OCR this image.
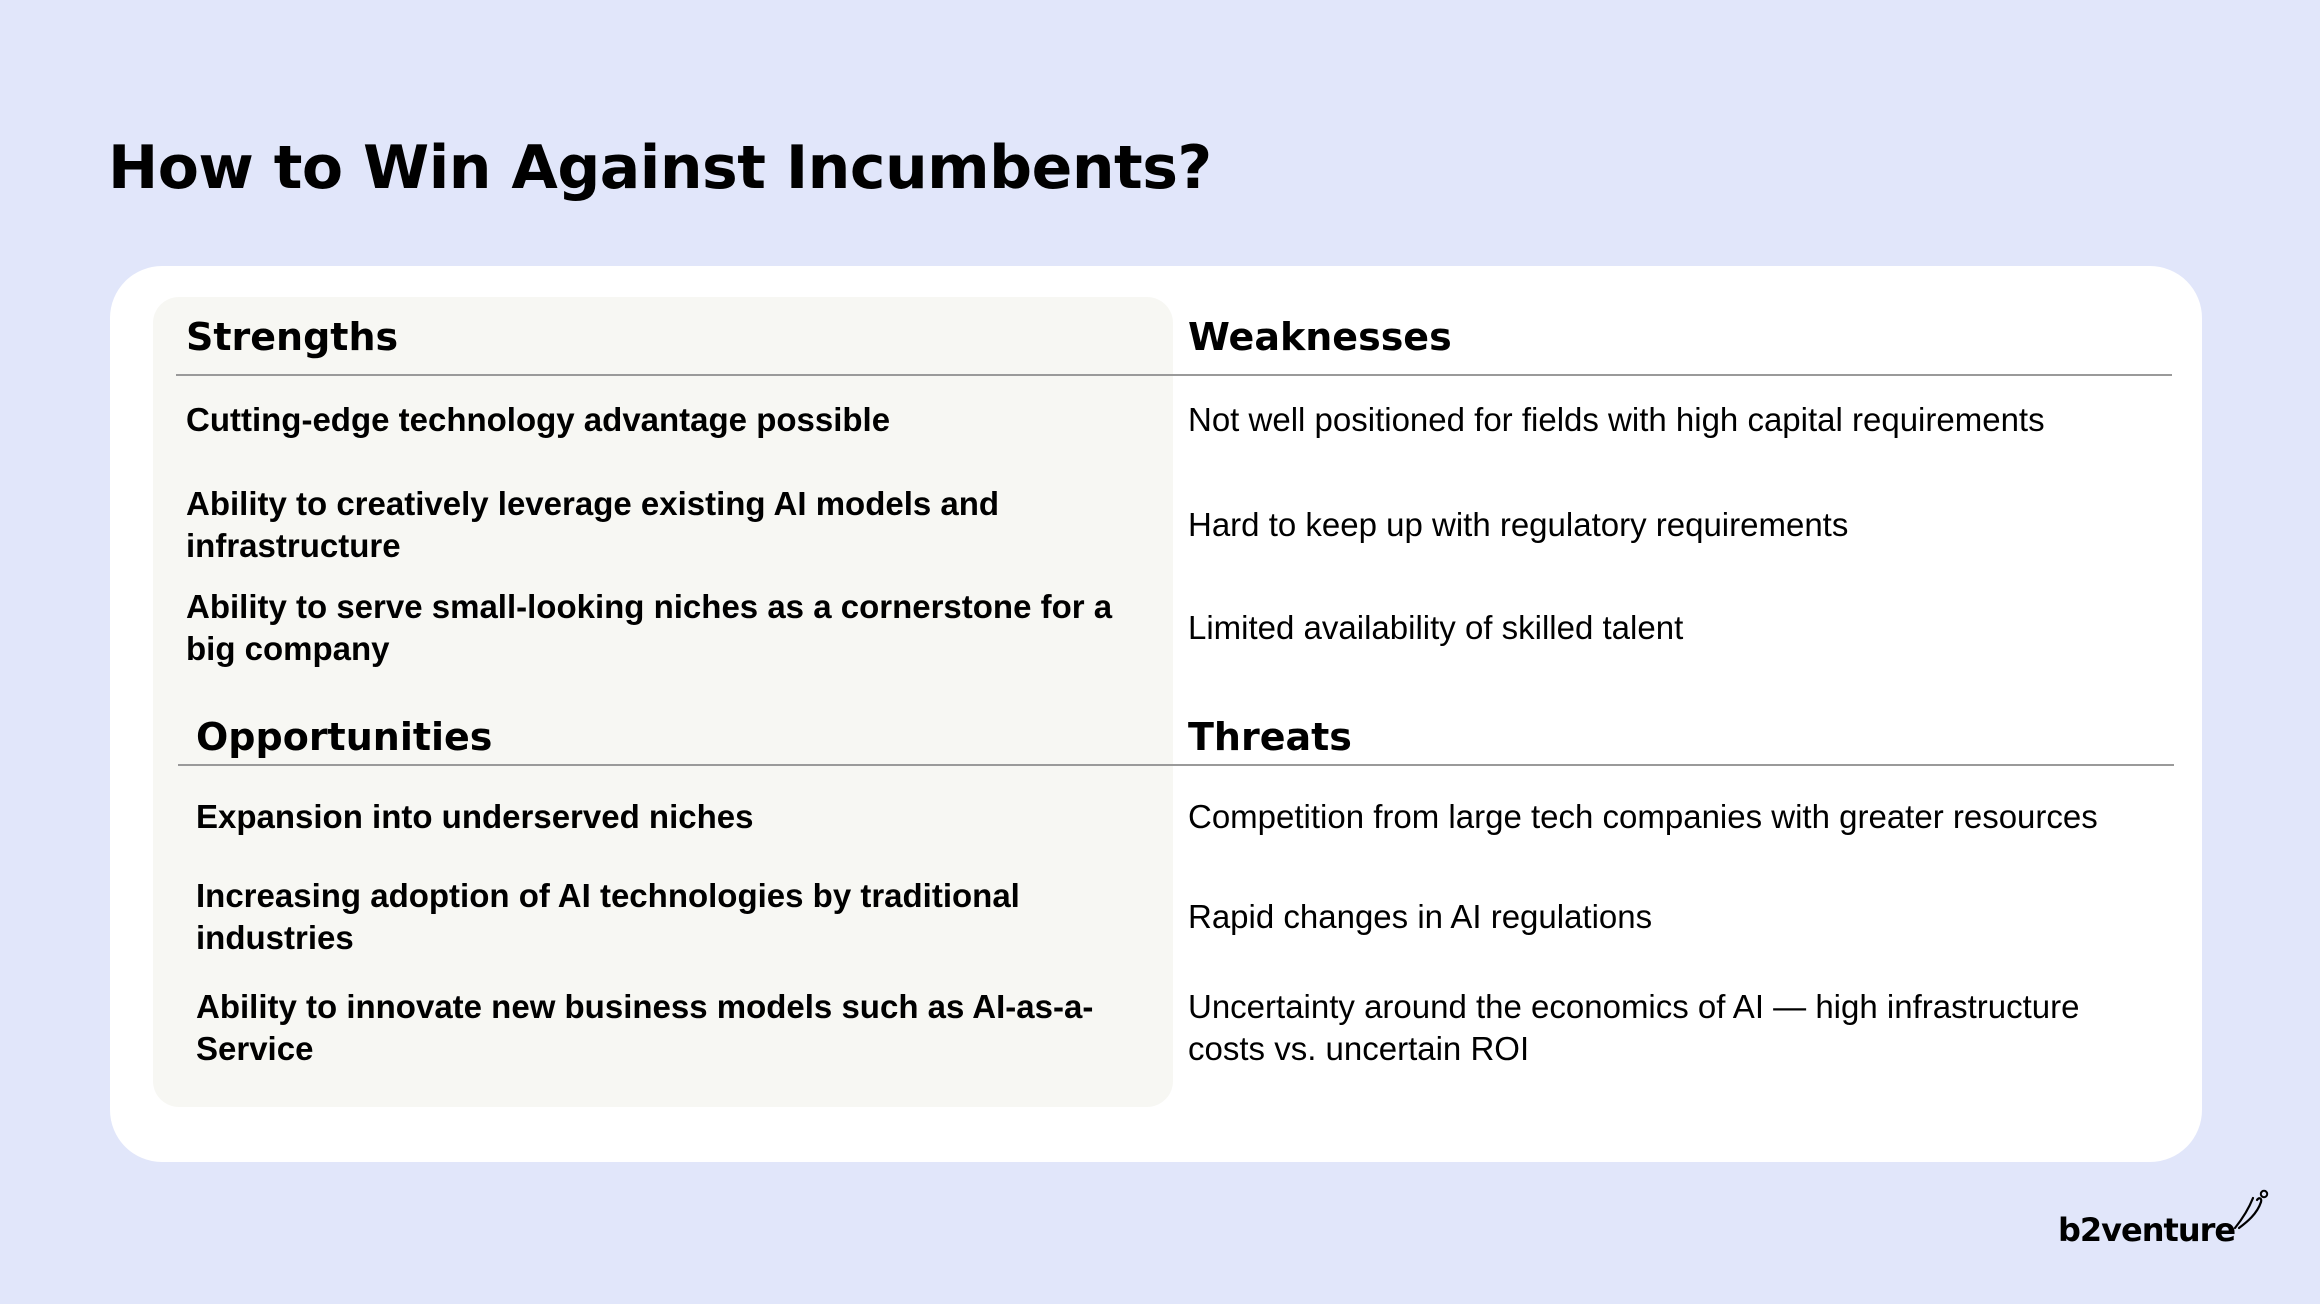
How to Win Against Incumbents?
Strengths	Weaknesses
Cutting-edge technology advantage possible
Ability to creatively leverage existing AI models and infrastructure
Ability to serve small-looking niches as a cornerstone for a big company
Not well positioned for fields with high capital requirements
Hard to keep up with regulatory requirements
Limited availability of skilled talent
Opportunities	Threats
Expansion into underserved niches
Increasing adoption of AI technologies by traditional industries
Ability to innovate new business models such as AI-as-a-Service
Competition from large tech companies with greater resources
Rapid changes in AI regulations
Uncertainty around the economics of AI — high infrastructure costs vs. uncertain ROI
b2venture
